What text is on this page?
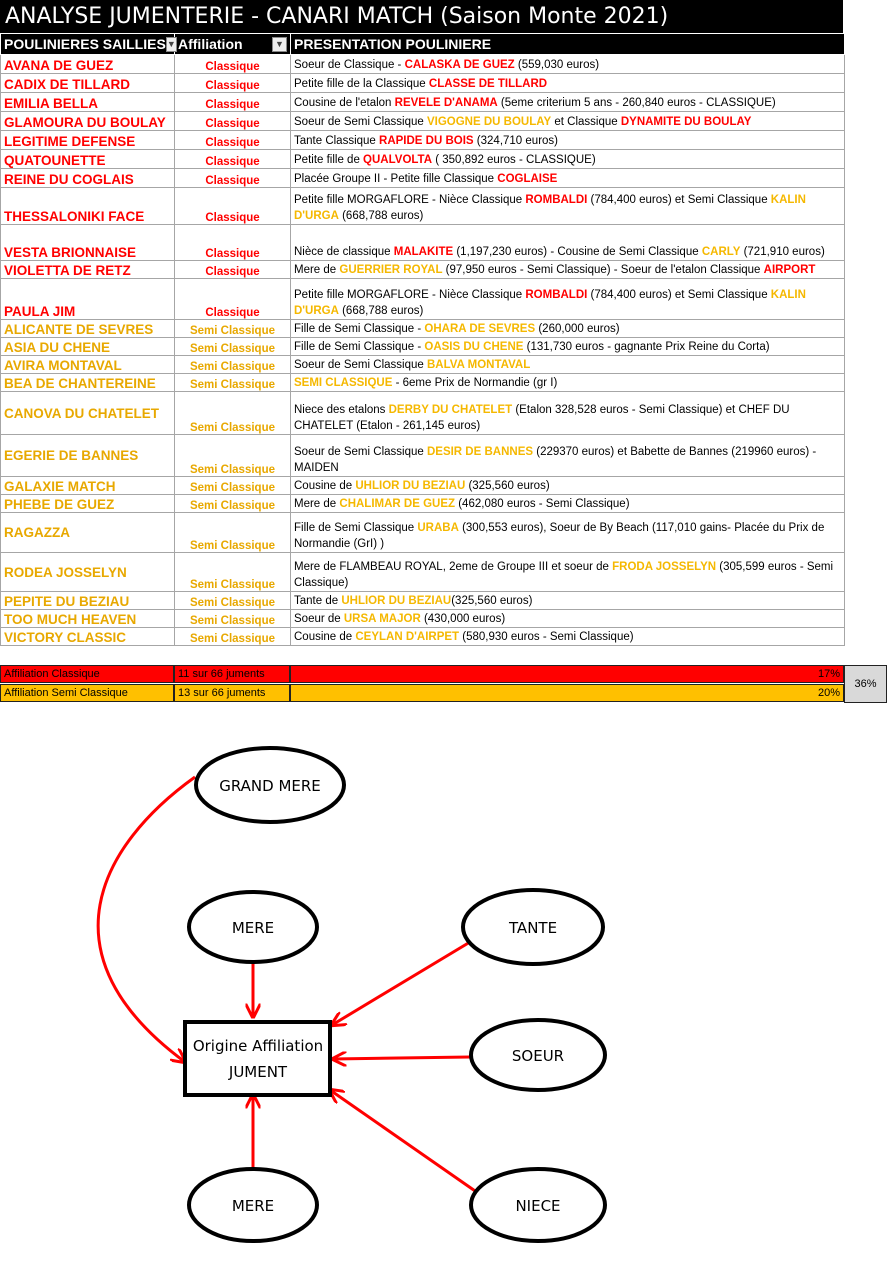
ANALYSE JUMENTERIE - CANARI MATCH (Saison Monte 2021)
POULINIERES SAILLIES ▼	Affiliation ▼	PRESENTATION POULINIERE
AVANA DE GUEZ	Classique	Soeur de Classique - CALASKA DE GUEZ (559,030 euros)
CADIX DE TILLARD	Classique	Petite fille de la Classique CLASSE DE TILLARD
EMILIA BELLA	Classique	Cousine de l'etalon REVELE D'ANAMA (5eme criterium 5 ans - 260,840 euros - CLASSIQUE)
GLAMOURA DU BOULAY	Classique	Soeur de Semi Classique VIGOGNE DU BOULAY et Classique DYNAMITE DU BOULAY
LEGITIME DEFENSE	Classique	Tante Classique RAPIDE DU BOIS (324,710 euros)
QUATOUNETTE	Classique	Petite fille de QUALVOLTA ( 350,892 euros - CLASSIQUE)
REINE DU COGLAIS	Classique	Placée Groupe II - Petite fille Classique COGLAISE
THESSALONIKI FACE	Classique	Petite fille MORGAFLORE - Nièce Classique ROMBALDI (784,400 euros) et Semi Classique KALIN D'URGA (668,788 euros)
VESTA BRIONNAISE	Classique	Nièce de classique MALAKITE (1,197,230 euros) - Cousine de Semi Classique CARLY (721,910 euros)
VIOLETTA DE RETZ	Classique	Mere de GUERRIER ROYAL (97,950 euros - Semi Classique) - Soeur de l'etalon Classique AIRPORT
PAULA JIM	Classique	Petite fille MORGAFLORE - Nièce Classique ROMBALDI (784,400 euros) et Semi Classique KALIN D'URGA (668,788 euros)
ALICANTE DE SEVRES	Semi Classique	Fille de Semi Classique - OHARA DE SEVRES (260,000 euros)
ASIA DU CHENE	Semi Classique	Fille de Semi Classique - OASIS DU CHENE (131,730 euros - gagnante Prix Reine du Corta)
AVIRA MONTAVAL	Semi Classique	Soeur de Semi Classique BALVA MONTAVAL
BEA DE CHANTEREINE	Semi Classique	SEMI CLASSIQUE - 6eme Prix de Normandie (gr I)
CANOVA DU CHATELET	Semi Classique	Niece des etalons DERBY DU CHATELET (Etalon 328,528 euros - Semi Classique) et CHEF DU CHATELET (Etalon - 261,145 euros)
EGERIE DE BANNES	Semi Classique	Soeur de Semi Classique DESIR DE BANNES (229370 euros) et Babette de Bannes (219960 euros) - MAIDEN
GALAXIE MATCH	Semi Classique	Cousine de UHLIOR DU BEZIAU (325,560 euros)
PHEBE DE GUEZ	Semi Classique	Mere de CHALIMAR DE GUEZ (462,080 euros - Semi Classique)
RAGAZZA	Semi Classique	Fille de Semi Classique URABA (300,553 euros), Soeur de By Beach (117,010 gains- Placée du Prix de Normandie (GrI) )
RODEA JOSSELYN	Semi Classique	Mere de FLAMBEAU ROYAL, 2eme de Groupe III et soeur de FRODA JOSSELYN (305,599 euros - Semi Classique)
PEPITE DU BEZIAU	Semi Classique	Tante de UHLIOR DU BEZIAU(325,560 euros)
TOO MUCH HEAVEN	Semi Classique	Soeur de URSA MAJOR (430,000 euros)
VICTORY CLASSIC	Semi Classique	Cousine de CEYLAN D'AIRPET (580,930 euros - Semi Classique)
Affiliation Classique	11 sur 66 juments	17%
Affiliation Semi Classique	13 sur 66 juments	20%
36%
Origine Affiliation
JUMENT
GRAND MERE
MERE	TANTE
SOEUR
MERE	NIECE
